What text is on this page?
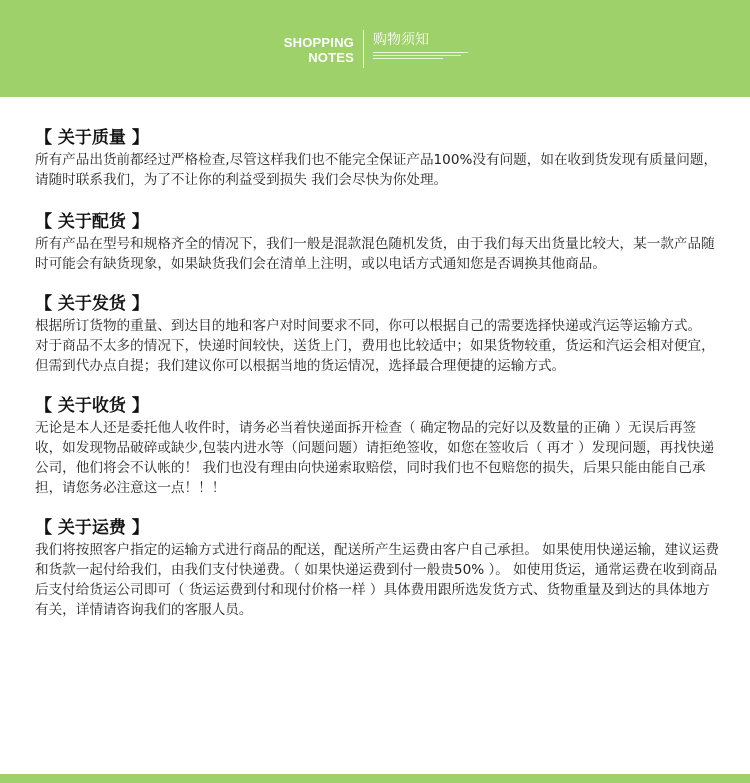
SHOPPING
NOTES
购物须知
【 关于质量 】

所有产品出货前都经过严格检查,尽管这样我们也不能完全保证产品100%没有问题，如在收到货发现有质量问题，请随时联系我们，为了不让你的利益受到损失 我们会尽快为你处理。

【 关于配货 】

所有产品在型号和规格齐全的情况下，我们一般是混款混色随机发货，由于我们每天出货量比较大，某一款产品随时可能会有缺货现象，如果缺货我们会在清单上注明，或以电话方式通知您是否调换其他商品。

【 关于发货 】

根据所订货物的重量、到达目的地和客户对时间要求不同，你可以根据自己的需要选择快递或汽运等运输方式。

对于商品不太多的情况下，快递时间较快，送货上门，费用也比较适中；如果货物较重，货运和汽运会相对便宜，但需到代办点自提；我们建议你可以根据当地的货运情况，选择最合理便捷的运输方式。

【 关于收货 】

无论是本人还是委托他人收件时，请务必当着快递面拆开检查（ 确定物品的完好以及数量的正确 ）无误后再签收，如发现物品破碎或缺少,包装内进水等（问题问题）请拒绝签收，如您在签收后（ 再才 ）发现问题，再找快递公司，他们将会不认帐的！ 我们也没有理由向快递索取赔偿，同时我们也不包赔您的损失，后果只能由能自己承担，请您务必注意这一点！！！

【 关于运费 】

我们将按照客户指定的运输方式进行商品的配送，配送所产生运费由客户自己承担。 如果使用快递运输，建议运费和货款一起付给我们，由我们支付快递费。（ 如果快递运费到付一般贵50% ）。 如使用货运，通常运费在收到商品后支付给货运公司即可（ 货运运费到付和现付价格一样 ）具体费用跟所选发货方式、货物重量及到达的具体地方有关，详情请咨询我们的客服人员。
